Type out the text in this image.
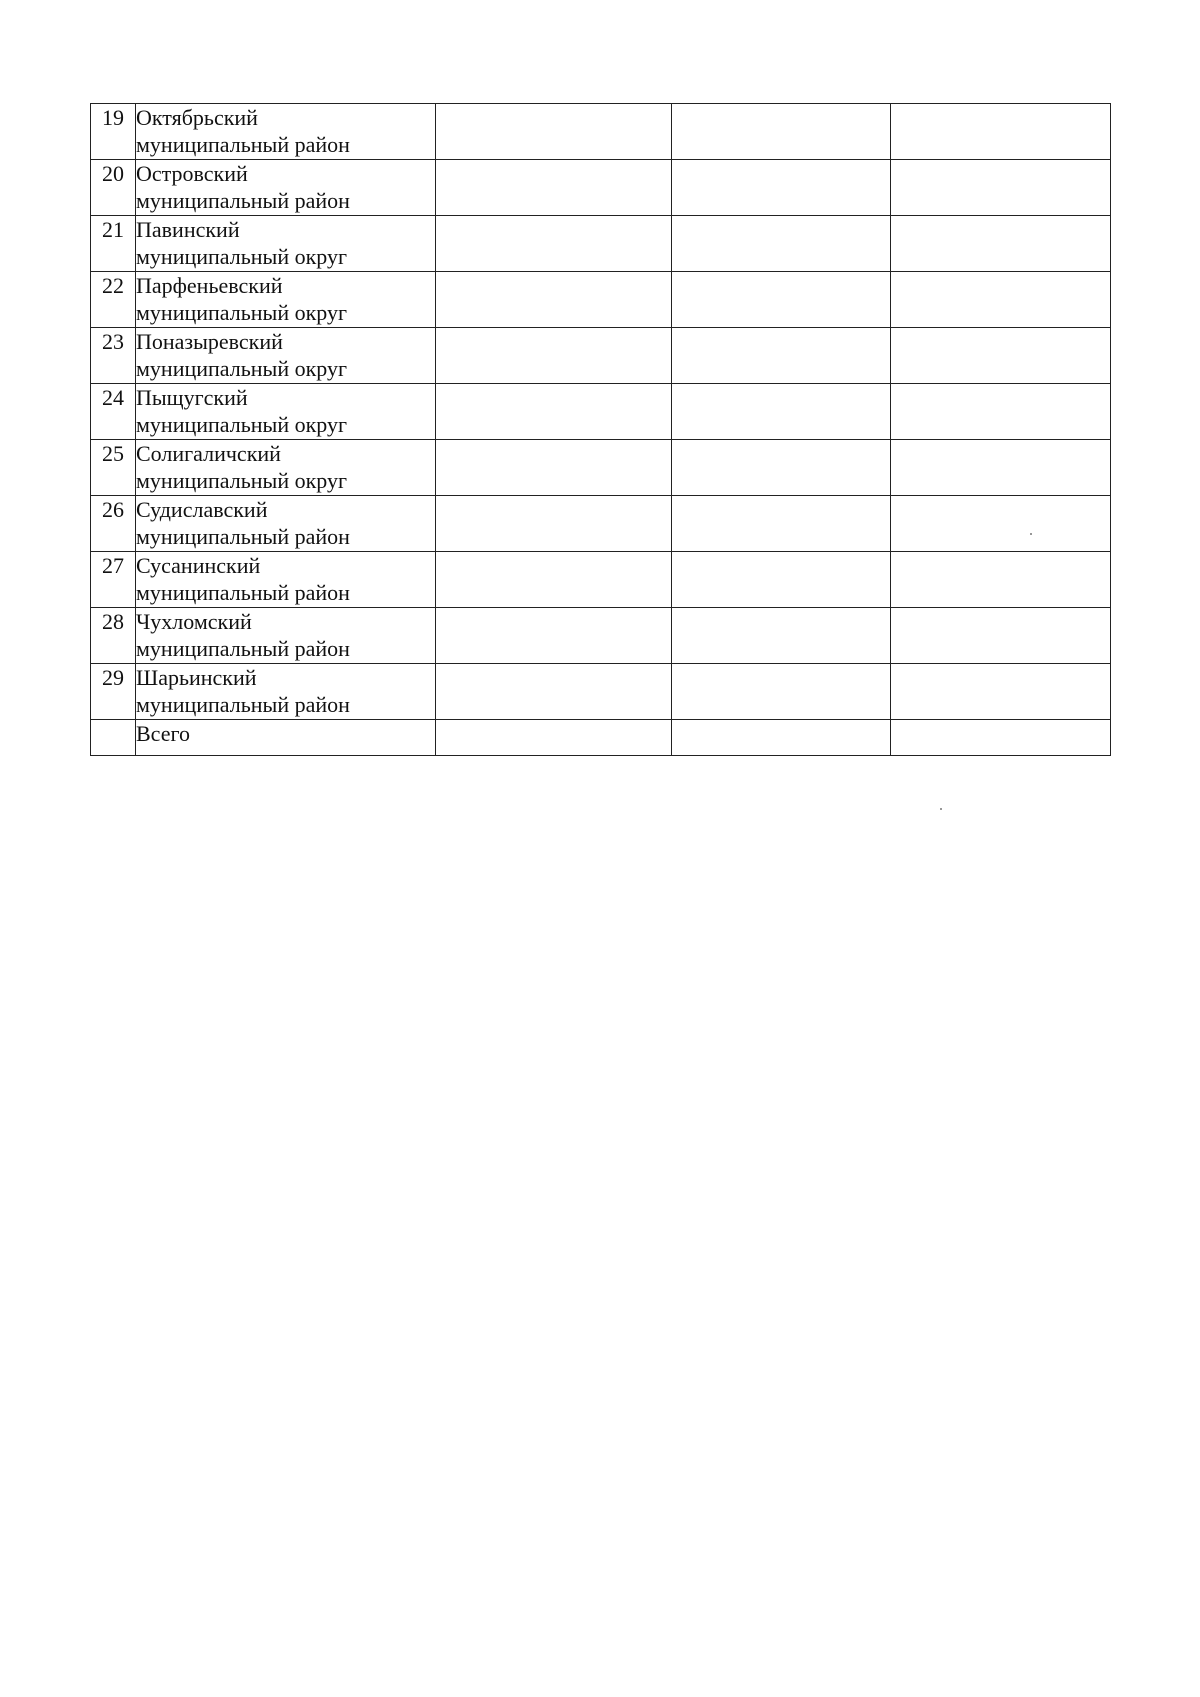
19	Октябрьский
муниципальный район			

20	Островский
муниципальный район			

21	Павинский
муниципальный округ			

22	Парфеньевский
муниципальный округ			

23	Поназыревский
муниципальный округ			

24	Пыщугский
муниципальный округ			

25	Солигаличский
муниципальный округ			

26	Судиславский
муниципальный район			

27	Сусанинский
муниципальный район			

28	Чухломский
муниципальный район			

29	Шарьинский
муниципальный район			

	Всего			
